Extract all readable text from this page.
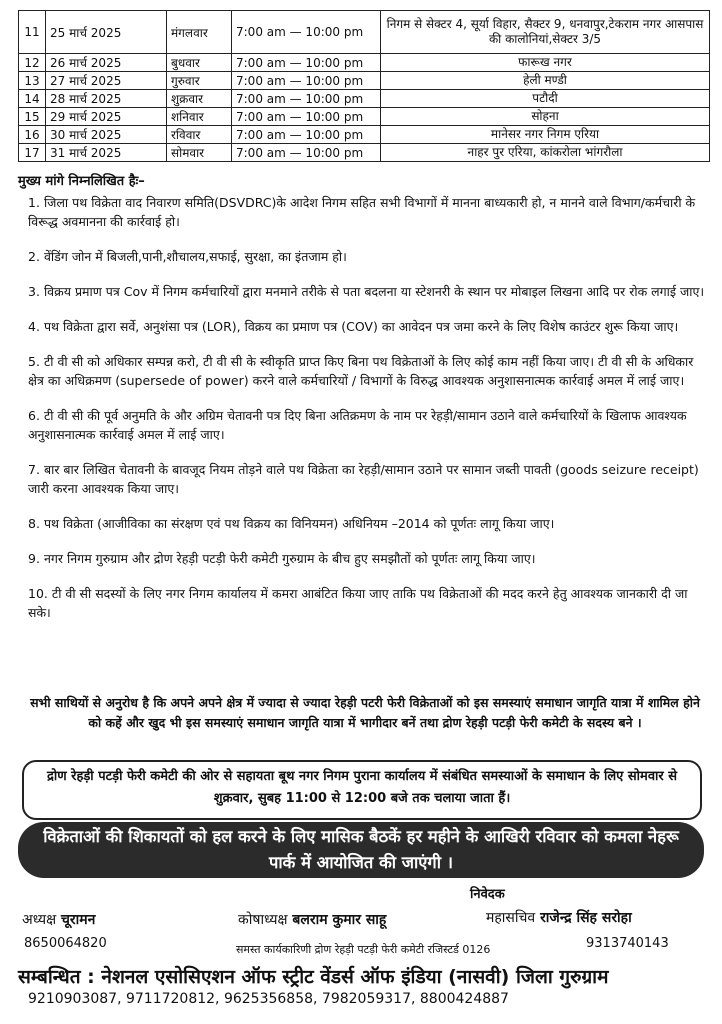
11	25 मार्च 2025	मंगलवार	7:00 am — 10:00 pm	निगम से सेक्टर 4, सूर्या विहार, सैक्टर 9, धनवापुर,टेकराम नगर आसपास की कालोनियां,सेक्टर 3/5
12	26 मार्च 2025	बुधवार	7:00 am — 10:00 pm	फारूख नगर
13	27 मार्च 2025	गुरुवार	7:00 am — 10:00 pm	हेली मण्डी
14	28 मार्च 2025	शुक्रवार	7:00 am — 10:00 pm	पटौदी
15	29 मार्च 2025	शनिवार	7:00 am — 10:00 pm	सोहना
16	30 मार्च 2025	रविवार	7:00 am — 10:00 pm	मानेसर नगर निगम एरिया
17	31 मार्च 2025	सोमवार	7:00 am — 10:00 pm	नाहर पुर एरिया, कांकरोला भांगरौला
मुख्य मांगे निम्नलिखित हैः–
1. जिला पथ विक्रेता वाद निवारण समिति(DSVDRC)के आदेश निगम सहित सभी विभागों में मानना बाध्यकारी हो, न मानने वाले विभाग/कर्मचारी के विरूद्ध अवमानना की कार्रवाई हो।
2. वेंडिंग जोन में बिजली,पानी,शौचालय,सफाई, सुरक्षा, का इंतजाम हो।
3. विक्रय प्रमाण पत्र Cov में निगम कर्मचारियों द्वारा मनमाने तरीके से पता बदलना या स्टेशनरी के स्थान पर मोबाइल लिखना आदि पर रोक लगाई जाए।
4. पथ विक्रेता द्वारा सर्वे, अनुशंसा पत्र (LOR), विक्रय का प्रमाण पत्र (COV) का आवेदन पत्र जमा करने के लिए विशेष काउंटर शुरू किया जाए।
5. टी वी सी को अधिकार सम्पन्न करो, टी वी सी के स्वीकृति प्राप्त किए बिना पथ विक्रेताओं के लिए कोई काम नहीं किया जाए। टी वी सी के अधिकार क्षेत्र का अधिक्रमण (supersede of power) करने वाले कर्मचारियों / विभागों के विरुद्ध आवश्यक अनुशासनात्मक कार्रवाई अमल में लाई जाए।
6. टी वी सी की पूर्व अनुमति के और अग्रिम चेतावनी पत्र दिए बिना अतिक्रमण के नाम पर रेहड़ी/सामान उठाने वाले कर्मचारियों के खिलाफ आवश्यक अनुशासनात्मक कार्रवाई अमल में लाई जाए।
7. बार बार लिखित चेतावनी के बावजूद नियम तोड़ने वाले पथ विक्रेता का रेहड़ी/सामान उठाने पर सामान जब्ती पावती (goods seizure receipt) जारी करना आवश्यक किया जाए।
8. पथ विक्रेता (आजीविका का संरक्षण एवं पथ विक्रय का विनियमन) अधिनियम –2014 को पूर्णतः लागू किया जाए।
9. नगर निगम गुरुग्राम और द्रोण रेहड़ी पटड़ी फेरी कमेटी गुरुग्राम के बीच हुए समझौतों को पूर्णतः लागू किया जाए।
10. टी वी सी सदस्यों के लिए नगर निगम कार्यालय में कमरा आबंटित किया जाए ताकि पथ विक्रेताओं की मदद करने हेतु आवश्यक जानकारी दी जा सके।
सभी साथियों से अनुरोध है कि अपने अपने क्षेत्र में ज्यादा से ज्यादा रेहड़ी पटरी फेरी विक्रेताओं को इस समस्याएं समाधान जागृति यात्रा में शामिल होने को कहें और खुद भी इस समस्याएं समाधान जागृति यात्रा में भागीदार बनें तथा द्रोण रेहड़ी पटड़ी फेरी कमेटी के सदस्य बने ।
द्रोण रेहड़ी पटड़ी फेरी कमेटी की ओर से सहायता बूथ नगर निगम पुराना कार्यालय में संबंधित समस्याओं के समाधान के लिए सोमवार से शुक्रवार, सुबह 11:00 से 12:00 बजे तक चलाया जाता हैं।
विक्रेताओं की शिकायतों को हल करने के लिए मासिक बैठकें हर महीने के आखिरी रविवार को कमला नेहरू पार्क में आयोजित की जाएंगी ।
निवेदक
अध्यक्ष चूरामन
8650064820
कोषाध्यक्ष बलराम कुमार साहू	महासचिव राजेन्द्र सिंह सरोहा
9313740143
समस्त कार्यकारिणी द्रोण रेहड़ी पटड़ी फेरी कमेटी रजिस्टर्ड 0126
सम्बन्धित : नेशनल एसोसिएशन ऑफ स्ट्रीट वेंडर्स ऑफ इंडिया (नासवी) जिला गुरुग्राम
9210903087, 9711720812, 9625356858, 7982059317, 8800424887
